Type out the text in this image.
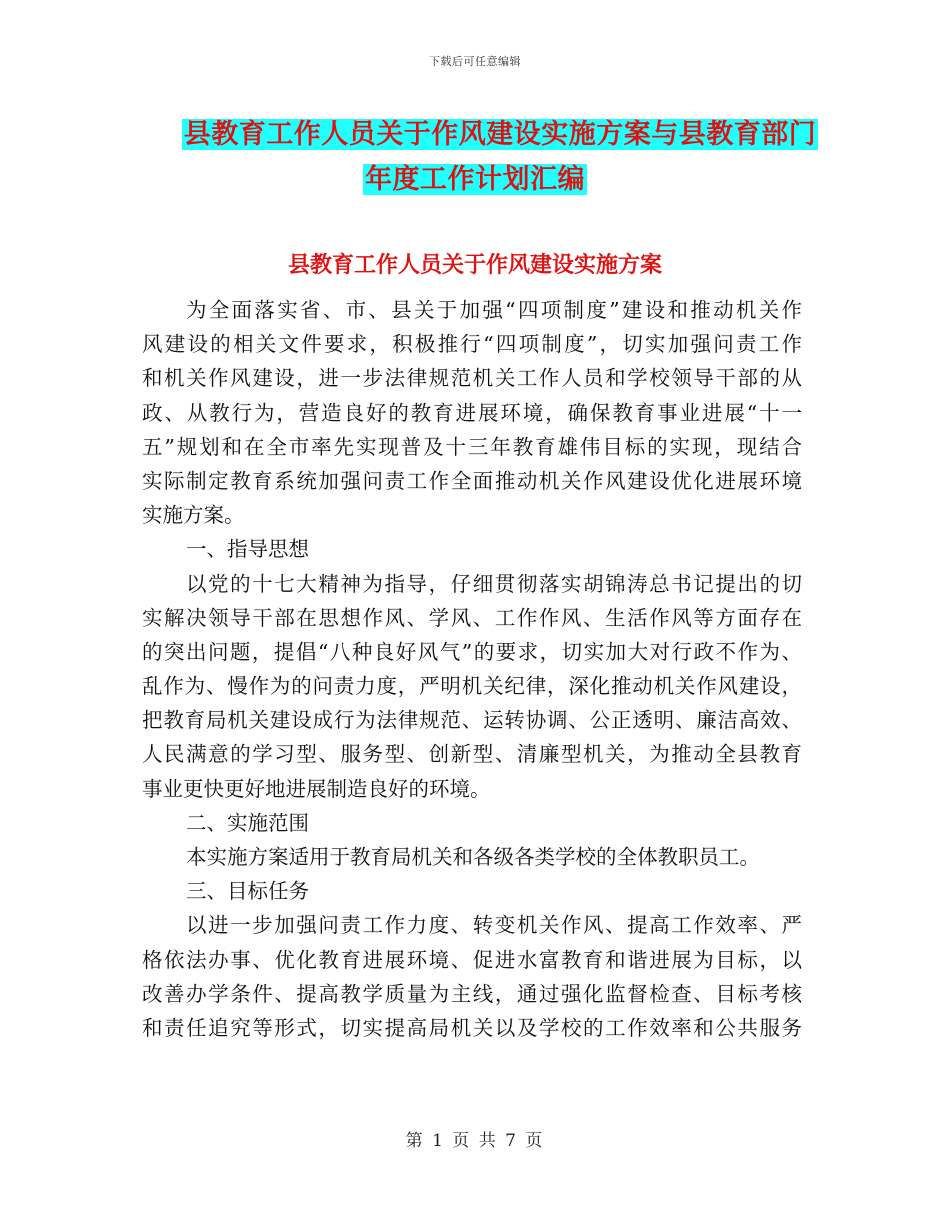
下载后可任意编辑
县教育工作人员关于作风建设实施方案与县教育部门
年度工作计划汇编
县教育工作人员关于作风建设实施方案
为全面落实省、市、县关于加强“四项制度”建设和推动机关作
风建设的相关文件要求，积极推行“四项制度”，切实加强问责工作
和机关作风建设，进一步法律规范机关工作人员和学校领导干部的从
政、从教行为，营造良好的教育进展环境，确保教育事业进展“十一
五”规划和在全市率先实现普及十三年教育雄伟目标的实现，现结合
实际制定教育系统加强问责工作全面推动机关作风建设优化进展环境
实施方案。
一、指导思想
以党的十七大精神为指导，仔细贯彻落实胡锦涛总书记提出的切
实解决领导干部在思想作风、学风、工作作风、生活作风等方面存在
的突出问题，提倡“八种良好风气”的要求，切实加大对行政不作为、
乱作为、慢作为的问责力度，严明机关纪律，深化推动机关作风建设，
把教育局机关建设成行为法律规范、运转协调、公正透明、廉洁高效、
人民满意的学习型、服务型、创新型、清廉型机关，为推动全县教育
事业更快更好地进展制造良好的环境。
二、实施范围
本实施方案适用于教育局机关和各级各类学校的全体教职员工。
三、目标任务
以进一步加强问责工作力度、转变机关作风、提高工作效率、严
格依法办事、优化教育进展环境、促进水富教育和谐进展为目标，以
改善办学条件、提高教学质量为主线，通过强化监督检查、目标考核
和责任追究等形式，切实提高局机关以及学校的工作效率和公共服务
第 1 页 共 7 页
